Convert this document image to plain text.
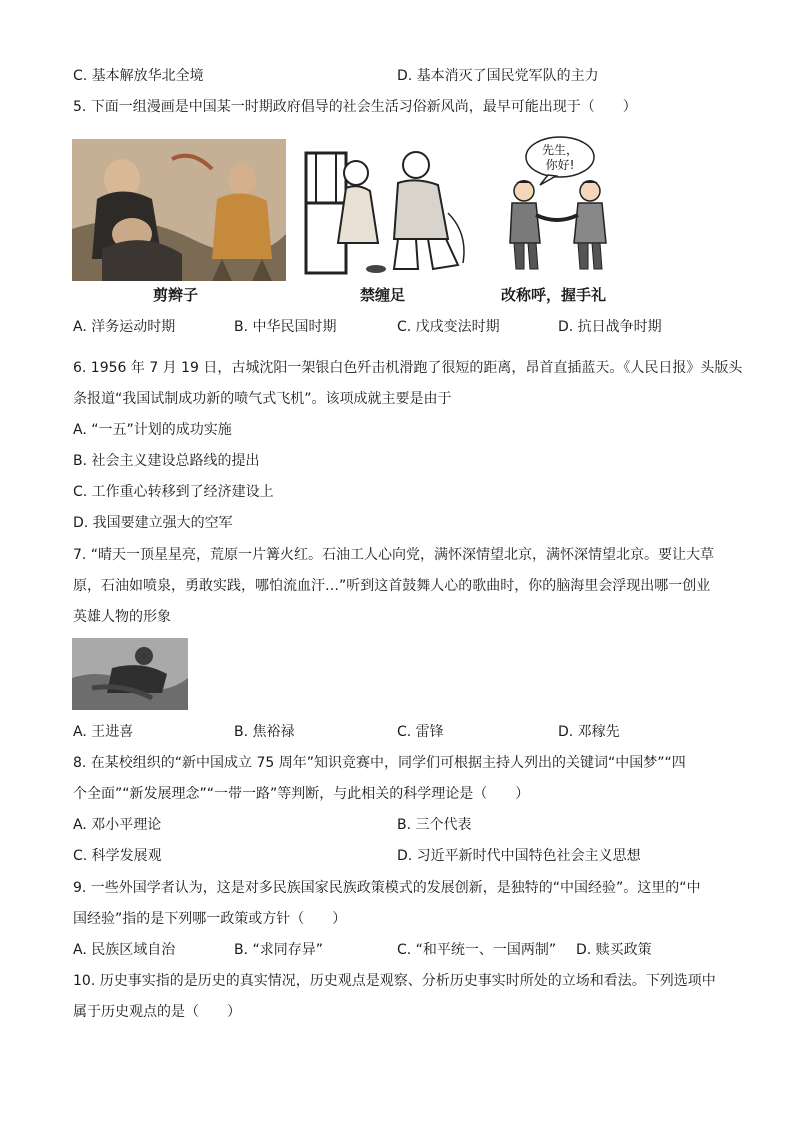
C. 基本解放华北全境	D. 基本消灭了国民党军队的主力
5. 下面一组漫画是中国某一时期政府倡导的社会生活习俗新风尚，最早可能出现于（　　）
先生，
你好!
剪辫子	禁缠足	改称呼，握手礼
A. 洋务运动时期	B. 中华民国时期	C. 戊戌变法时期	D. 抗日战争时期
6. 1956 年 7 月 19 日，古城沈阳一架银白色歼击机滑跑了很短的距离，昂首直插蓝天。《人民日报》头版头
条报道“我国试制成功新的喷气式飞机”。该项成就主要是由于
A. “一五”计划的成功实施
B. 社会主义建设总路线的提出
C. 工作重心转移到了经济建设上
D. 我国要建立强大的空军
7. “晴天一顶星星亮，荒原一片篝火红。石油工人心向党，满怀深情望北京，满怀深情望北京。要让大草
原，石油如喷泉，勇敢实践，哪怕流血汗…”听到这首鼓舞人心的歌曲时，你的脑海里会浮现出哪一创业
英雄人物的形象
A. 王进喜	B. 焦裕禄	C. 雷锋	D. 邓稼先
8. 在某校组织的“新中国成立 75 周年”知识竞赛中，同学们可根据主持人列出的关键词“中国梦”“四
个全面”“新发展理念”“一带一路”等判断，与此相关的科学理论是（　　）
A. 邓小平理论	B. 三个代表
C. 科学发展观	D. 习近平新时代中国特色社会主义思想
9. 一些外国学者认为，这是对多民族国家民族政策模式的发展创新，是独特的“中国经验”。这里的“中
国经验”指的是下列哪一政策或方针（　　）
A. 民族区域自治	B. “求同存异”	C. “和平统一、一国两制” D. 赎买政策
10. 历史事实指的是历史的真实情况，历史观点是观察、分析历史事实时所处的立场和看法。下列选项中
属于历史观点的是（　　）
